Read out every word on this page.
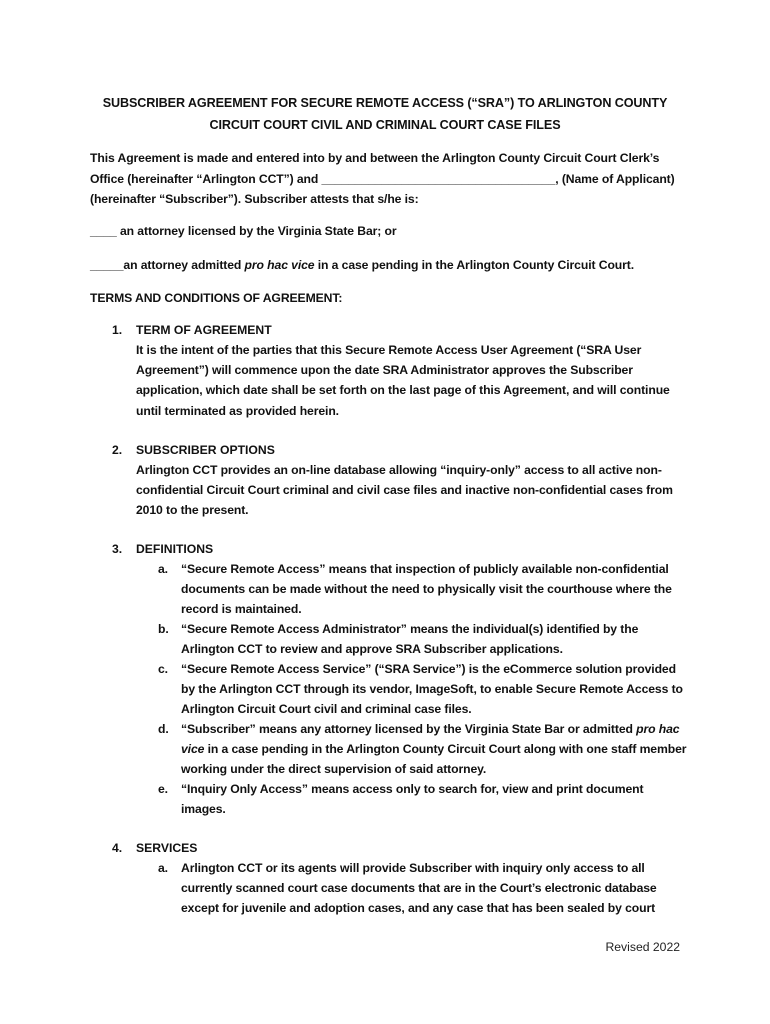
SUBSCRIBER AGREEMENT FOR SECURE REMOTE ACCESS (“SRA”) TO ARLINGTON COUNTY
CIRCUIT COURT CIVIL AND CRIMINAL COURT CASE FILES
This Agreement is made and entered into by and between the Arlington County Circuit Court Clerk’s Office (hereinafter “Arlington CCT”) and ___________________________________, (Name of Applicant) (hereinafter “Subscriber”). Subscriber attests that s/he is:
____ an attorney licensed by the Virginia State Bar; or
_____an attorney admitted pro hac vice in a case pending in the Arlington County Circuit Court.
TERMS AND CONDITIONS OF AGREEMENT:
1. TERM OF AGREEMENT
It is the intent of the parties that this Secure Remote Access User Agreement (“SRA User Agreement”) will commence upon the date SRA Administrator approves the Subscriber application, which date shall be set forth on the last page of this Agreement, and will continue until terminated as provided herein.
2. SUBSCRIBER OPTIONS
Arlington CCT provides an on-line database allowing “inquiry-only” access to all active non-confidential Circuit Court criminal and civil case files and inactive non-confidential cases from 2010 to the present.
3. DEFINITIONS
a.	“Secure Remote Access” means that inspection of publicly available non-confidential documents can be made without the need to physically visit the courthouse where the record is maintained.
b.	“Secure Remote Access Administrator” means the individual(s) identified by the Arlington CCT to review and approve SRA Subscriber applications.
c.	“Secure Remote Access Service” (“SRA Service”) is the eCommerce solution provided by the Arlington CCT through its vendor, ImageSoft, to enable Secure Remote Access to Arlington Circuit Court civil and criminal case files.
d.	“Subscriber” means any attorney licensed by the Virginia State Bar or admitted pro hac vice in a case pending in the Arlington County Circuit Court along with one staff member working under the direct supervision of said attorney.
e.	“Inquiry Only Access” means access only to search for, view and print document images.
4. SERVICES
a.	Arlington CCT or its agents will provide Subscriber with inquiry only access to all currently scanned court case documents that are in the Court’s electronic database except for juvenile and adoption cases, and any case that has been sealed by court
Revised 2022
